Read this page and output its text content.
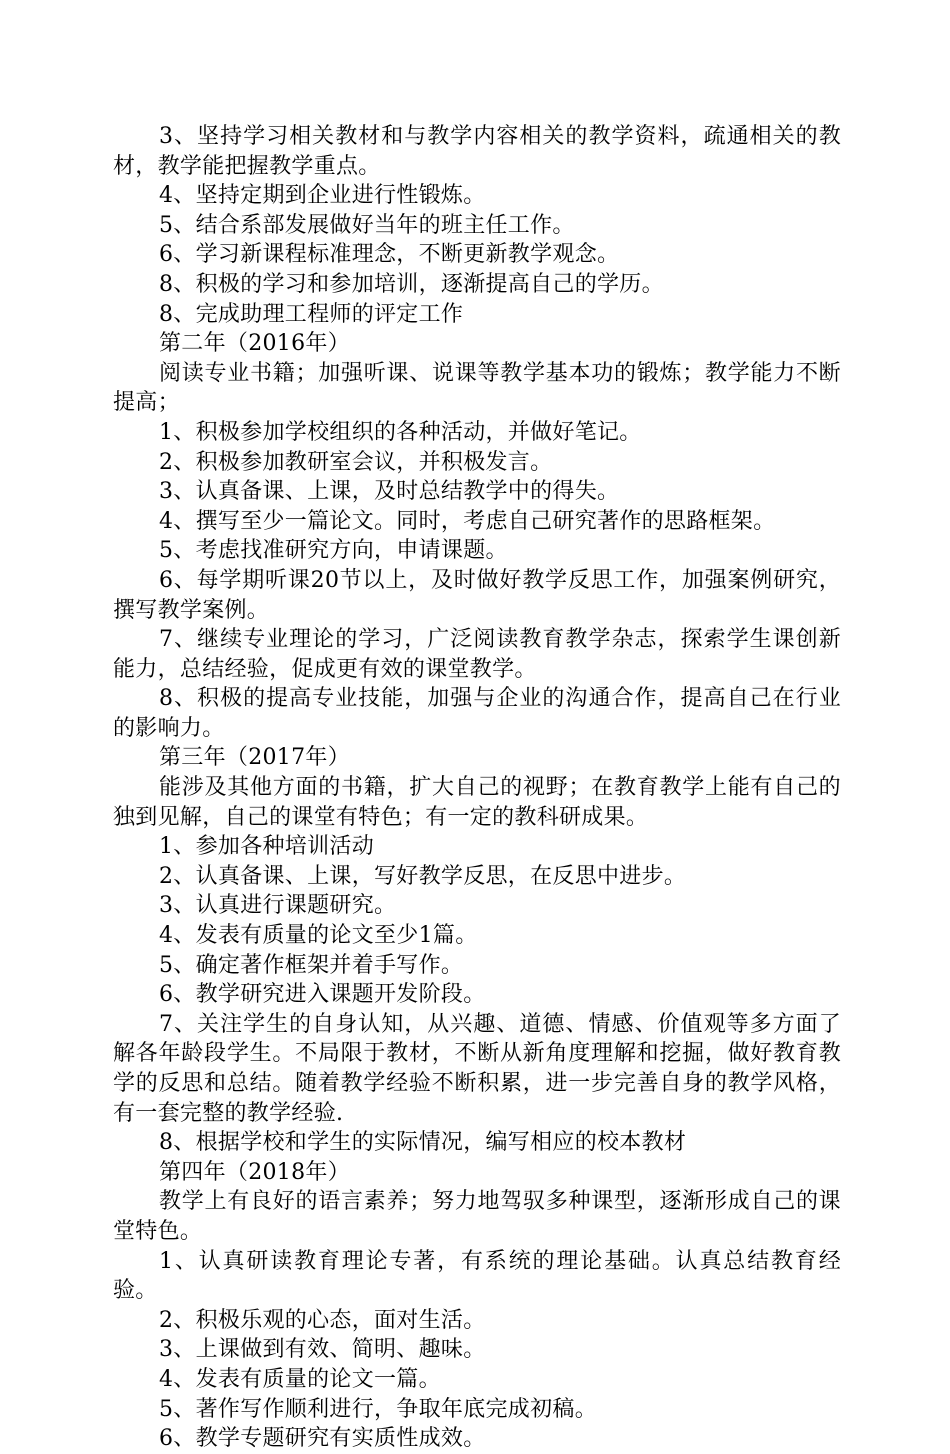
3、坚持学习相关教材和与教学内容相关的教学资料，疏通相关的教材，教学能把握教学重点。

4、坚持定期到企业进行性锻炼。

5、结合系部发展做好当年的班主任工作。

6、学习新课程标准理念，不断更新教学观念。

8、积极的学习和参加培训，逐渐提高自己的学历。

8、完成助理工程师的评定工作

第二年（2016年）

阅读专业书籍；加强听课、说课等教学基本功的锻炼；教学能力不断提高；

1、积极参加学校组织的各种活动，并做好笔记。

2、积极参加教研室会议，并积极发言。

3、认真备课、上课，及时总结教学中的得失。

4、撰写至少一篇论文。同时，考虑自己研究著作的思路框架。

5、考虑找准研究方向，申请课题。

6、每学期听课20节以上，及时做好教学反思工作，加强案例研究，撰写教学案例。

7、继续专业理论的学习，广泛阅读教育教学杂志，探索学生课创新能力，总结经验，促成更有效的课堂教学。

8、积极的提高专业技能，加强与企业的沟通合作，提高自己在行业的影响力。

第三年（2017年）

能涉及其他方面的书籍，扩大自己的视野；在教育教学上能有自己的独到见解，自己的课堂有特色；有一定的教科研成果。

1、参加各种培训活动

2、认真备课、上课，写好教学反思，在反思中进步。

3、认真进行课题研究。

4、发表有质量的论文至少1篇。

5、确定著作框架并着手写作。

6、教学研究进入课题开发阶段。

7、关注学生的自身认知，从兴趣、道德、情感、价值观等多方面了解各年龄段学生。不局限于教材，不断从新角度理解和挖掘，做好教育教学的反思和总结。随着教学经验不断积累，进一步完善自身的教学风格，有一套完整的教学经验.

8、根据学校和学生的实际情况，编写相应的校本教材

第四年（2018年）

教学上有良好的语言素养；努力地驾驭多种课型，逐渐形成自己的课堂特色。

1、认真研读教育理论专著，有系统的理论基础。认真总结教育经验。

2、积极乐观的心态，面对生活。

3、上课做到有效、简明、趣味。

4、发表有质量的论文一篇。

5、著作写作顺利进行，争取年底完成初稿。

6、教学专题研究有实质性成效。
